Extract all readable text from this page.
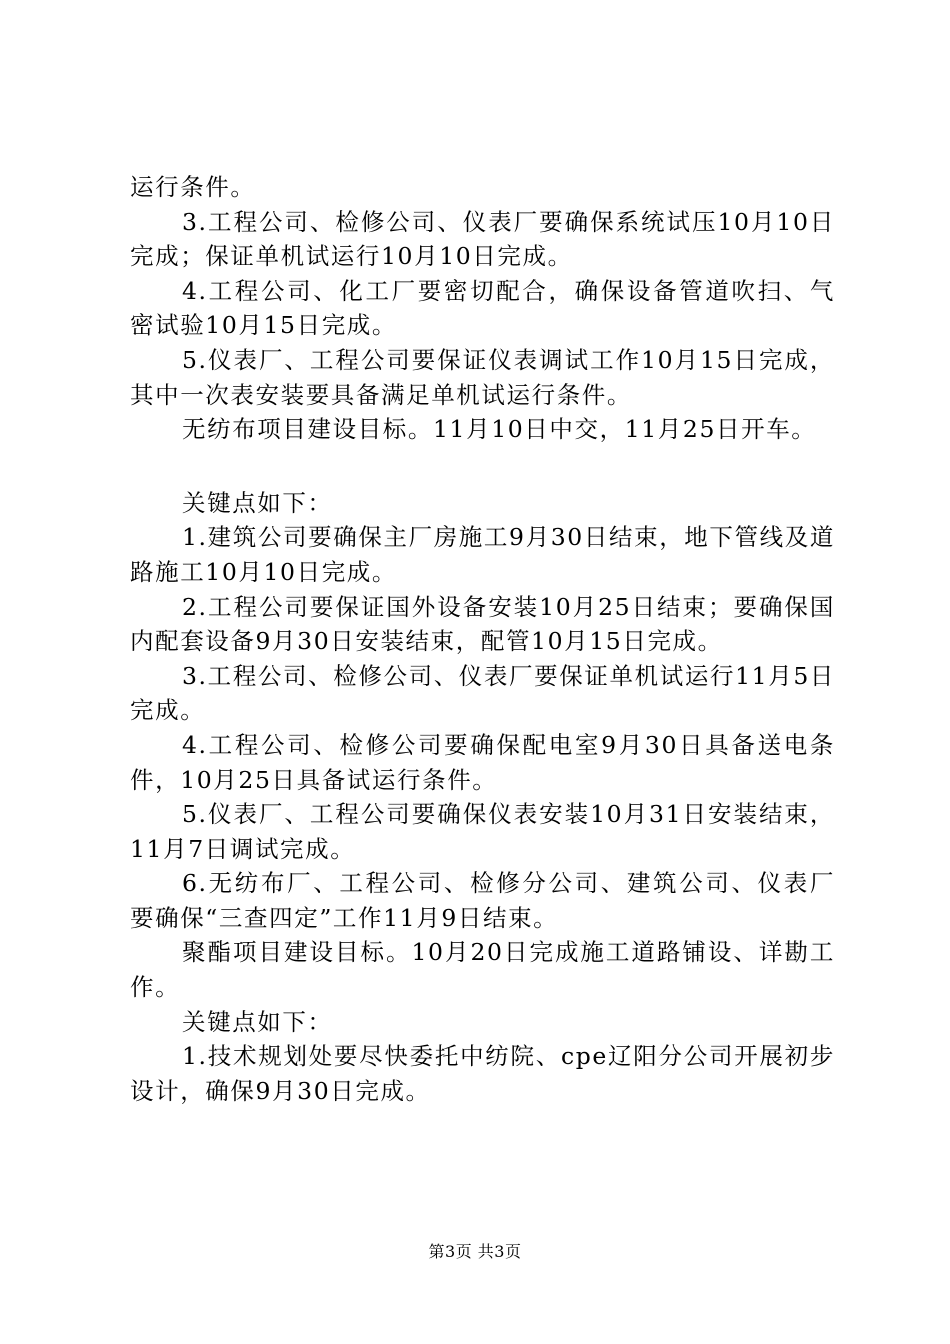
运行条件。

3.工程公司、检修公司、仪表厂要确保系统试压10月10日完成；保证单机试运行10月10日完成。

4.工程公司、化工厂要密切配合，确保设备管道吹扫、气密试验10月15日完成。

5.仪表厂、工程公司要保证仪表调试工作10月15日完成，其中一次表安装要具备满足单机试运行条件。

无纺布项目建设目标。11月10日中交，11月25日开车。

关键点如下：

1.建筑公司要确保主厂房施工9月30日结束，地下管线及道路施工10月10日完成。

2.工程公司要保证国外设备安装10月25日结束；要确保国内配套设备9月30日安装结束，配管10月15日完成。

3.工程公司、检修公司、仪表厂要保证单机试运行11月5日完成。

4.工程公司、检修公司要确保配电室9月30日具备送电条件，10月25日具备试运行条件。

5.仪表厂、工程公司要确保仪表安装10月31日安装结束，11月7日调试完成。

6.无纺布厂、工程公司、检修分公司、建筑公司、仪表厂要确保“三查四定”工作11月9日结束。

聚酯项目建设目标。10月20日完成施工道路铺设、详勘工作。

关键点如下：

1.技术规划处要尽快委托中纺院、cpe辽阳分公司开展初步设计，确保9月30日完成。

第3页 共3页
